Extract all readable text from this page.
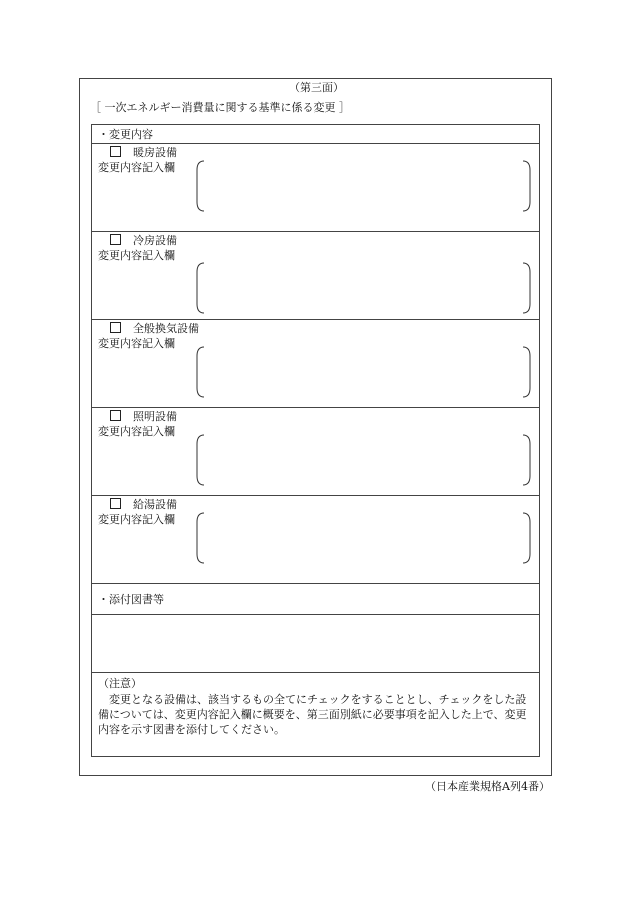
（第三面）
［ 一次エネルギー消費量に関する基準に係る変更 ］
・変更内容
暖房設備
変更内容記入欄
冷房設備
変更内容記入欄
全般換気設備
変更内容記入欄
照明設備
変更内容記入欄
給湯設備
変更内容記入欄
・添付図書等
（注意）
変更となる設備は、該当するもの全てにチェックをすることとし、チェックをした設備については、変更内容記入欄に概要を、第三面別紙に必要事項を記入した上で、変更内容を示す図書を添付してください。
（日本産業規格A列4番）
